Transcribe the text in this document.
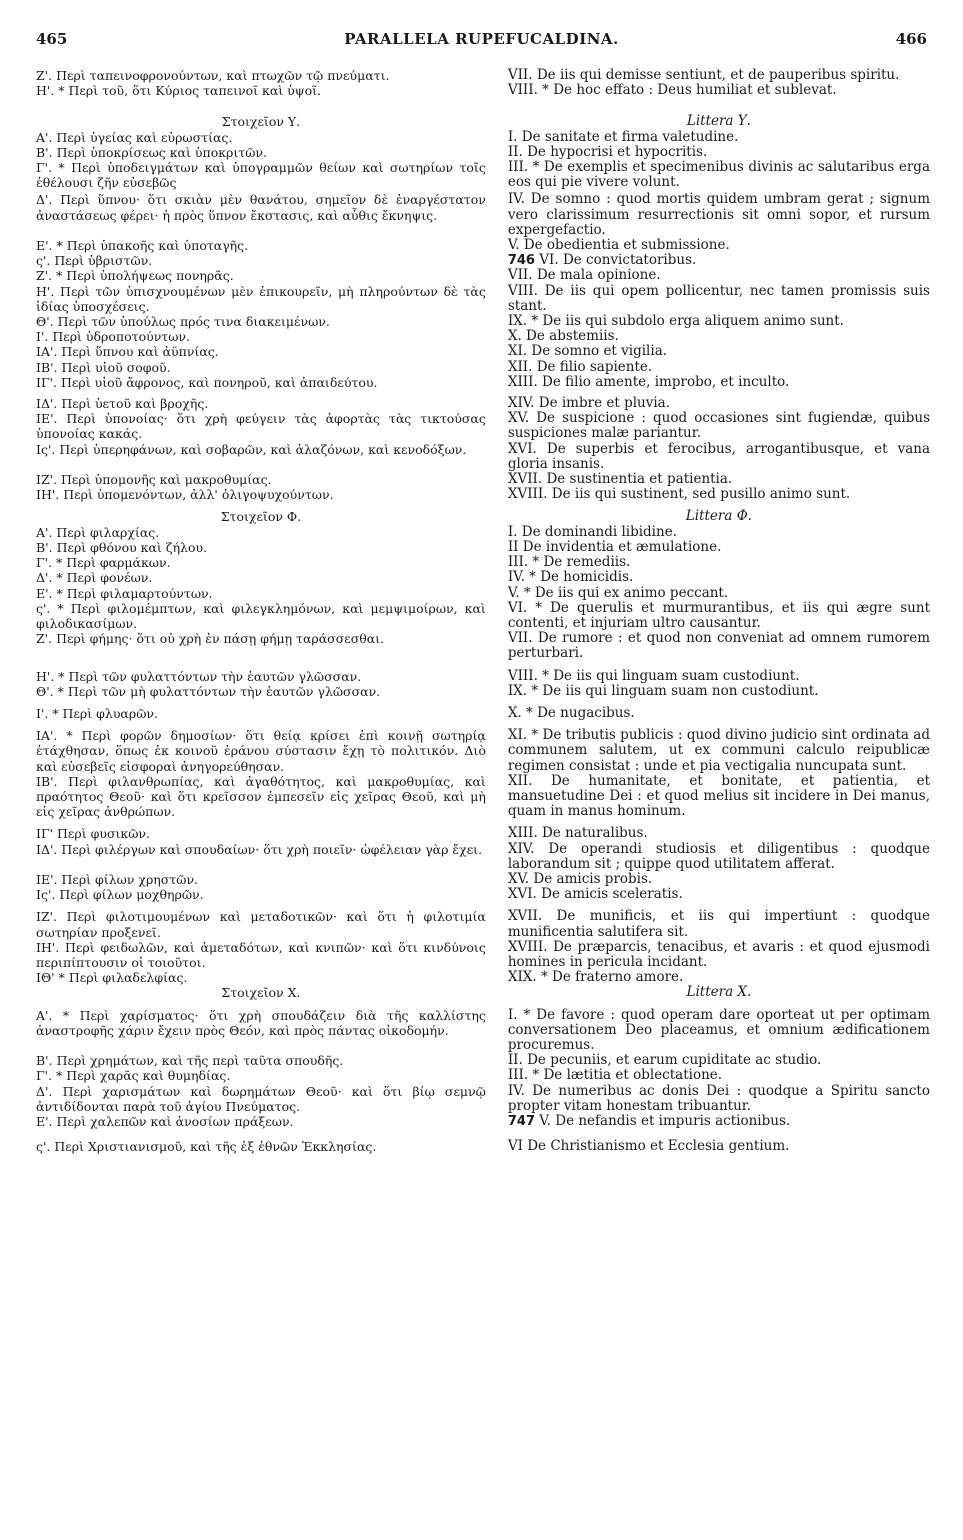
465	PARALLELA RUPEFUCALDINA.	466
Ζ'. Περὶ ταπεινοφρονούντων, καὶ πτωχῶν τῷ πνεύματι.	VII. De iis qui demisse sentiunt, et de pauperibus spiritu.
Η'. * Περὶ τοῦ, ὅτι Κύριος ταπεινοῖ καὶ ὑψοῖ.	VIII. * De hoc effato : Deus humiliat et sublevat.
Στοιχεῖον Υ.	Littera Υ.
Α'. Περὶ ὑγείας καὶ εὐρωστίας.	I. De sanitate et firma valetudine.
Β'. Περὶ ὑποκρίσεως καὶ ὑποκριτῶν.	II. De hypocrisi et hypocritis.
Γ'. * Περὶ ὑποδειγμάτων καὶ ὑπογραμμῶν θείων καὶ σωτηρίων τοῖς ἐθέλουσι ζῆν εὐσεβῶς
III. * De exemplis et specimenibus divinis ac salutaribus erga eos qui pie vivere volunt.
Δ'. Περὶ ὕπνου· ὅτι σκιὰν μὲν θανάτου, σημεῖον δὲ ἐναργέστατον ἀναστάσεως φέρει· ἡ πρὸς ὕπνον ἔκστασις, καὶ αὖθις ἔκνηψις.
IV. De somno : quod mortis quidem umbram gerat ; signum vero clarissimum resurrectionis sit omni sopor, et rursum expergefactio.
Ε'. * Περὶ ὑπακοῆς καὶ ὑποταγῆς.	V. De obedientia et submissione.
ς'. Περὶ ὑβριστῶν.	746 VI. De convictatoribus.
Ζ'. * Περὶ ὑπολήψεως πονηρᾶς.	VII. De mala opinione.
Η'. Περὶ τῶν ὑπισχνουμένων μὲν ἐπικουρεῖν, μὴ πληρούντων δὲ τὰς ἰδίας ὑποσχέσεις.
VIII. De iis qui opem pollicentur, nec tamen promissis suis stant.
Θ'. Περὶ τῶν ὑπούλως πρός τινα διακειμένων.	IX. * De iis qui subdolo erga aliquem animo sunt.
Ι'. Περὶ ὑδροποτούντων.	X. De abstemiis.
ΙΑ'. Περὶ ὕπνου καὶ ἀϋπνίας.	XI. De somno et vigilia.
ΙΒ'. Περὶ υἱοῦ σοφοῦ.	XII. De filio sapiente.
ΙΓ'. Περὶ υἱοῦ ἄφρονος, καὶ πονηροῦ, καὶ ἀπαιδεύτου.	XIII. De filio amente, improbo, et inculto.
ΙΔ'. Περὶ ὑετοῦ καὶ βροχῆς.	XIV. De imbre et pluvia.
ΙΕ'. Περὶ ὑπονοίας· ὅτι χρὴ φεύγειν τὰς ἀφορτὰς τὰς τικτούσας ὑπονοίας κακάς.
XV. De suspicione : quod occasiones sint fugiendæ, quibus suspiciones malæ pariantur.
Ις'. Περὶ ὑπερηφάνων, καὶ σοβαρῶν, καὶ ἀλαζόνων, καὶ κενοδόξων.	XVI. De superbis et ferocibus, arrogantibusque, et vana gloria insanis.
ΙΖ'. Περὶ ὑπομονῆς καὶ μακροθυμίας.	XVII. De sustinentia et patientia.
ΙΗ'. Περὶ ὑπομενόντων, ἀλλ' ὀλιγοψυχούντων.	XVIII. De iis qui sustinent, sed pusillo animo sunt.
Στοιχεῖον Φ.	Littera Φ.
Α'. Περὶ φιλαρχίας.	I. De dominandi libidine.
Β'. Περὶ φθόνου καὶ ζήλου.	II De invidentia et æmulatione.
Γ'. * Περὶ φαρμάκων.	III. * De remediis.
Δ'. * Περὶ φονέων.	IV. * De homicidis.
Ε'. * Περὶ φιλαμαρτούντων.	V. * De iis qui ex animo peccant.
ς'. * Περὶ φιλομέμπτων, καὶ φιλεγκλημόνων, καὶ μεμψιμοίρων, καὶ φιλοδικασίμων.
VI. * De querulis et murmurantibus, et iis qui ægre sunt contenti, et injuriam ultro causantur.
Ζ'. Περὶ φήμης· ὅτι οὐ χρὴ ἐν πάσῃ φήμῃ ταράσσεσθαι.	VII. De rumore : et quod non conveniat ad omnem rumorem perturbari.
Η'. * Περὶ τῶν φυλαττόντων τὴν ἑαυτῶν γλῶσσαν.	VIII. * De iis qui linguam suam custodiunt.
Θ'. * Περὶ τῶν μὴ φυλαττόντων τὴν ἑαυτῶν γλῶσσαν.	IX. * De iis qui linguam suam non custodiunt.
Ι'. * Περὶ φλυαρῶν.	X. * De nugacibus.
ΙΑ'. * Περὶ φορῶν δημοσίων· ὅτι θείᾳ κρίσει ἐπὶ κοινῇ σωτηρίᾳ ἐτάχθησαν, ὅπως ἐκ κοινοῦ ἐράνου σύστασιν ἔχῃ τὸ πολιτικόν. Διὸ καὶ εὐσεβεῖς εἰσφοραὶ ἀνηγορεύθησαν.
XI. * De tributis publicis : quod divino judicio sint ordinata ad communem salutem, ut ex communi calculo reipublicæ regimen consistat : unde et pia vectigalia nuncupata sunt.
ΙΒ'. Περὶ φιλανθρωπίας, καὶ ἀγαθότητος, καὶ μακροθυμίας, καὶ πραότητος Θεοῦ· καὶ ὅτι κρεῖσσον ἐμπεσεῖν εἰς χεῖρας Θεοῦ, καὶ μὴ εἰς χεῖρας ἀνθρώπων.
XII. De humanitate, et bonitate, et patientia, et mansuetudine Dei : et quod melius sit incidere in Dei manus, quam in manus hominum.
ΙΓ' Περὶ φυσικῶν.	XIII. De naturalibus.
ΙΔ'. Περὶ φιλέργων καὶ σπουδαίων· ὅτι χρὴ ποιεῖν· ὠφέλειαν γὰρ ἔχει.	XIV. De operandi studiosis et diligentibus : quodque laborandum sit ; quippe quod utilitatem afferat.
ΙΕ'. Περὶ φίλων χρηστῶν.	XV. De amicis probis.
Ις'. Περὶ φίλων μοχθηρῶν.	XVI. De amicis sceleratis.
ΙΖ'. Περὶ φιλοτιμουμένων καὶ μεταδοτικῶν· καὶ ὅτι ἡ φιλοτιμία σωτηρίαν προξενεῖ.
XVII. De munificis, et iis qui impertiunt : quodque munificentia salutifera sit.
ΙΗ'. Περὶ φειδωλῶν, καὶ ἀμεταδότων, καὶ κνιπῶν· καὶ ὅτι κινδύνοις περιπίπτουσιν οἱ τοιοῦτοι.
XVIII. De præparcis, tenacibus, et avaris : et quod ejusmodi homines in pericula incidant.
ΙΘ' * Περὶ φιλαδελφίας.	XIX. * De fraterno amore.
Στοιχεῖον Χ.	Littera Χ.
Α'. * Περὶ χαρίσματος· ὅτι χρὴ σπουδάζειν διὰ τῆς καλλίστης ἀναστροφῆς χάριν ἔχειν πρὸς Θεόν, καὶ πρὸς πάντας οἰκοδομήν.
I. * De favore : quod operam dare oporteat ut per optimam conversationem Deo placeamus, et omnium ædificationem procuremus.
Β'. Περὶ χρημάτων, καὶ τῆς περὶ ταῦτα σπουδῆς.	II. De pecuniis, et earum cupiditate ac studio.
Γ'. * Περὶ χαρᾶς καὶ θυμηδίας.	III. * De lætitia et oblectatione.
Δ'. Περὶ χαρισμάτων καὶ δωρημάτων Θεοῦ· καὶ ὅτι βίῳ σεμνῷ ἀντιδίδονται παρὰ τοῦ ἁγίου Πνεύματος.
IV. De numeribus ac donis Dei : quodque a Spiritu sancto propter vitam honestam tribuantur.
Ε'. Περὶ χαλεπῶν καὶ ἀνοσίων πράξεων.	747 V. De nefandis et impuris actionibus.
ς'. Περὶ Χριστιανισμοῦ, καὶ τῆς ἐξ ἐθνῶν Ἐκκλησίας.	VI De Christianismo et Ecclesia gentium.
